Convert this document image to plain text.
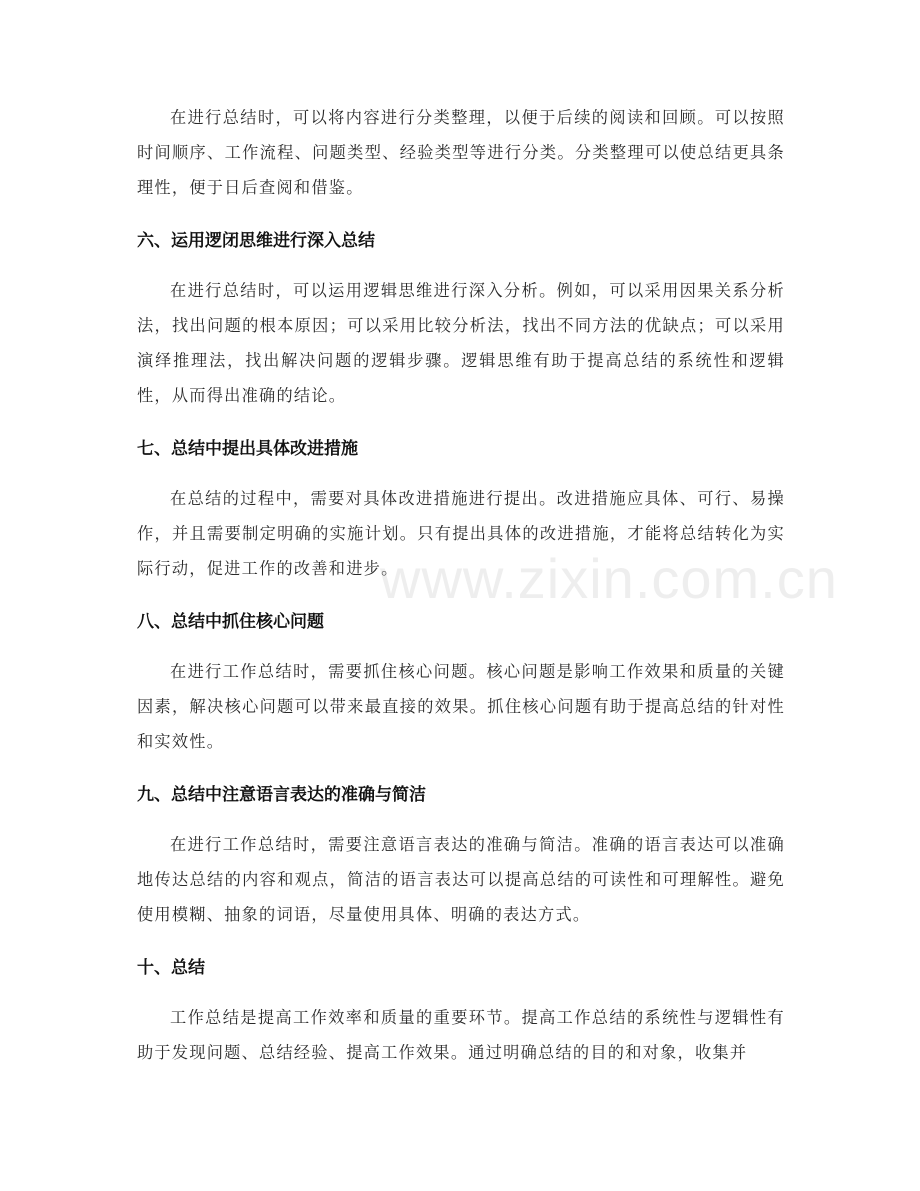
在进行总结时，可以将内容进行分类整理，以便于后续的阅读和回顾。可以按照时间顺序、工作流程、问题类型、经验类型等进行分类。分类整理可以使总结更具条理性，便于日后查阅和借鉴。

六、运用逻闭思维进行深入总结

在进行总结时，可以运用逻辑思维进行深入分析。例如，可以采用因果关系分析法，找出问题的根本原因；可以采用比较分析法，找出不同方法的优缺点；可以采用演绎推理法，找出解决问题的逻辑步骤。逻辑思维有助于提高总结的系统性和逻辑性，从而得出准确的结论。

七、总结中提出具体改进措施

在总结的过程中，需要对具体改进措施进行提出。改进措施应具体、可行、易操作，并且需要制定明确的实施计划。只有提出具体的改进措施，才能将总结转化为实际行动，促进工作的改善和进步。

八、总结中抓住核心问题

在进行工作总结时，需要抓住核心问题。核心问题是影响工作效果和质量的关键因素，解决核心问题可以带来最直接的效果。抓住核心问题有助于提高总结的针对性和实效性。

九、总结中注意语言表达的准确与简洁

在进行工作总结时，需要注意语言表达的准确与简洁。准确的语言表达可以准确地传达总结的内容和观点，简洁的语言表达可以提高总结的可读性和可理解性。避免使用模糊、抽象的词语，尽量使用具体、明确的表达方式。

十、总结

工作总结是提高工作效率和质量的重要环节。提高工作总结的系统性与逻辑性有助于发现问题、总结经验、提高工作效果。通过明确总结的目的和对象，收集并

www.zixin.com.cn
